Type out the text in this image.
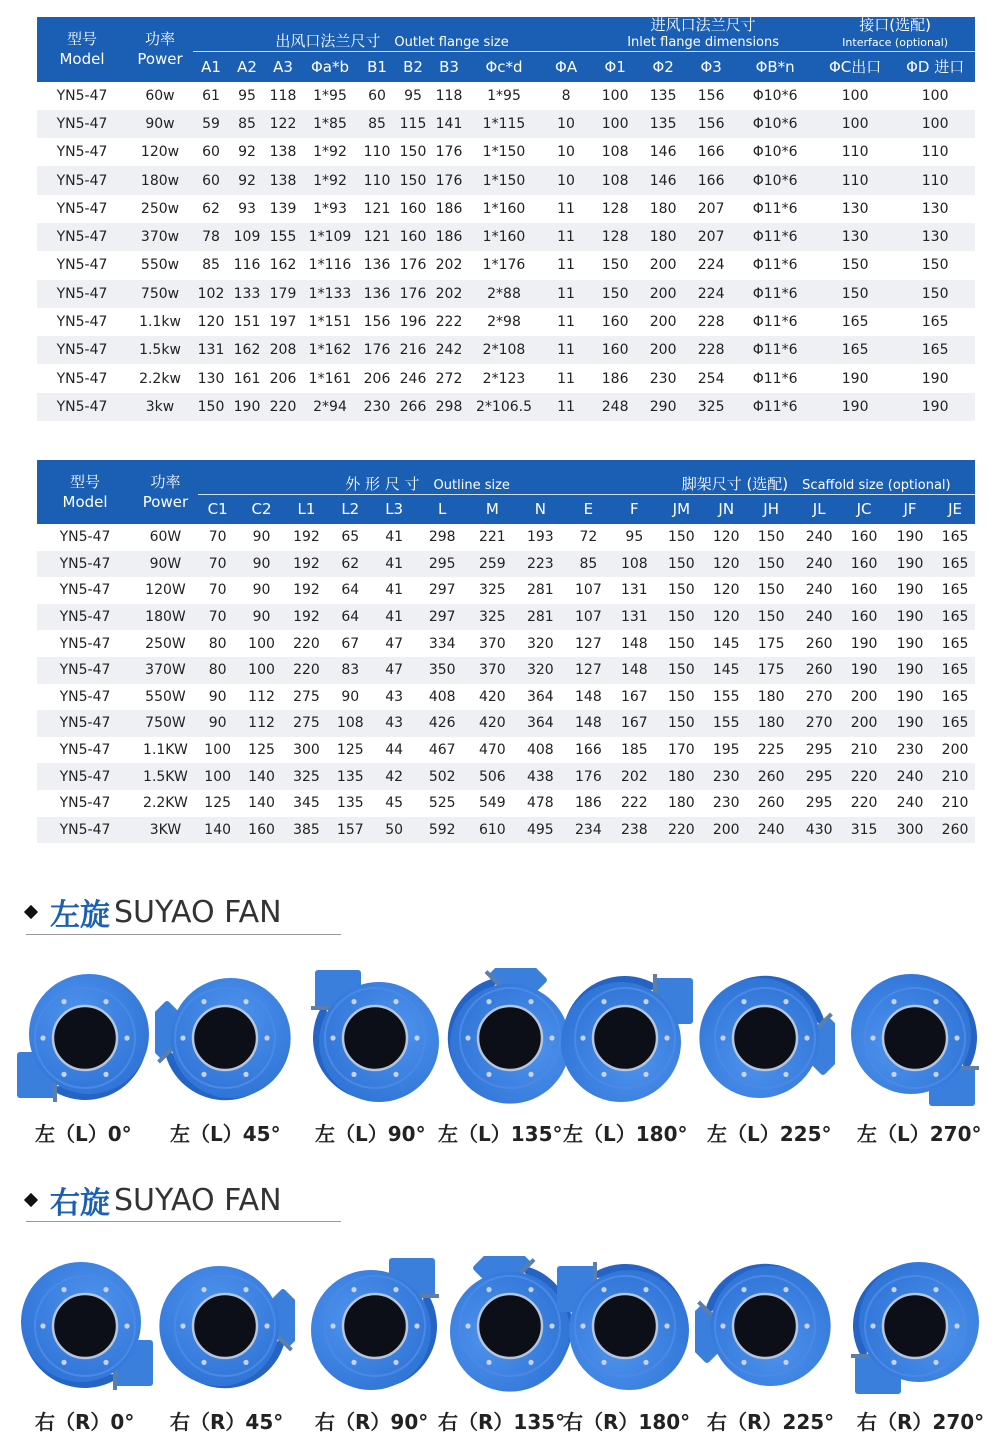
型号
Model	功率
Power	出风口法兰尺寸 Outlet flange size									进风口法兰尺寸
Inlet flange dimensions				接口(选配)
Interface (optional)	

		A1	A2	A3	Φa*b	B1	B2	B3	Φc*d	ΦA	Φ1	Φ2	Φ3	ΦB*n	ΦC出口	ΦD 进口
YN5-47	60w	61	95	118	1*95	60	95	118	1*95	8	100	135	156	Φ10*6	100	100
YN5-47	90w	59	85	122	1*85	85	115	141	1*115	10	100	135	156	Φ10*6	100	100
YN5-47	120w	60	92	138	1*92	110	150	176	1*150	10	108	146	166	Φ10*6	110	110
YN5-47	180w	60	92	138	1*92	110	150	176	1*150	10	108	146	166	Φ10*6	110	110
YN5-47	250w	62	93	139	1*93	121	160	186	1*160	11	128	180	207	Φ11*6	130	130
YN5-47	370w	78	109	155	1*109	121	160	186	1*160	11	128	180	207	Φ11*6	130	130
YN5-47	550w	85	116	162	1*116	136	176	202	1*176	11	150	200	224	Φ11*6	150	150
YN5-47	750w	102	133	179	1*133	136	176	202	2*88	11	150	200	224	Φ11*6	150	150
YN5-47	1.1kw	120	151	197	1*151	156	196	222	2*98	11	160	200	228	Φ11*6	165	165
YN5-47	1.5kw	131	162	208	1*162	176	216	242	2*108	11	160	200	228	Φ11*6	165	165
YN5-47	2.2kw	130	161	206	1*161	206	246	272	2*123	11	186	230	254	Φ11*6	190	190
YN5-47	3kw	150	190	220	2*94	230	266	298	2*106.5	11	248	290	325	Φ11*6	190	190
型号
Model	功率
Power	外 形 尺 寸 Outline size										脚架尺寸 (选配) Scaffold size (optional)						
		C1	C2	L1	L2	L3	L	M	N	E	F	JM	JN	JH	JL	JC	JF	JE
YN5-47	60W	70	90	192	65	41	298	221	193	72	95	150	120	150	240	160	190	165
YN5-47	90W	70	90	192	62	41	295	259	223	85	108	150	120	150	240	160	190	165
YN5-47	120W	70	90	192	64	41	297	325	281	107	131	150	120	150	240	160	190	165
YN5-47	180W	70	90	192	64	41	297	325	281	107	131	150	120	150	240	160	190	165
YN5-47	250W	80	100	220	67	47	334	370	320	127	148	150	145	175	260	190	190	165
YN5-47	370W	80	100	220	83	47	350	370	320	127	148	150	145	175	260	190	190	165
YN5-47	550W	90	112	275	90	43	408	420	364	148	167	150	155	180	270	200	190	165
YN5-47	750W	90	112	275	108	43	426	420	364	148	167	150	155	180	270	200	190	165
YN5-47	1.1KW	100	125	300	125	44	467	470	408	166	185	170	195	225	295	210	230	200
YN5-47	1.5KW	100	140	325	135	42	502	506	438	176	202	180	230	260	295	220	240	210
YN5-47	2.2KW	125	140	345	135	45	525	549	478	186	222	180	230	260	295	220	240	210
YN5-47	3KW	140	160	385	157	50	592	610	495	234	238	220	200	240	430	315	300	260
左旋 SUYAO FAN
左（L）0° 左（L）45° 左（L）90° 左（L）135° 左（L）180° 左（L）225° 左（L）270°
右旋 SUYAO FAN
右（R）0° 右（R）45° 右（R）90° 右（R）135°
右（R）180° 右（R）225° 右（R）270°
